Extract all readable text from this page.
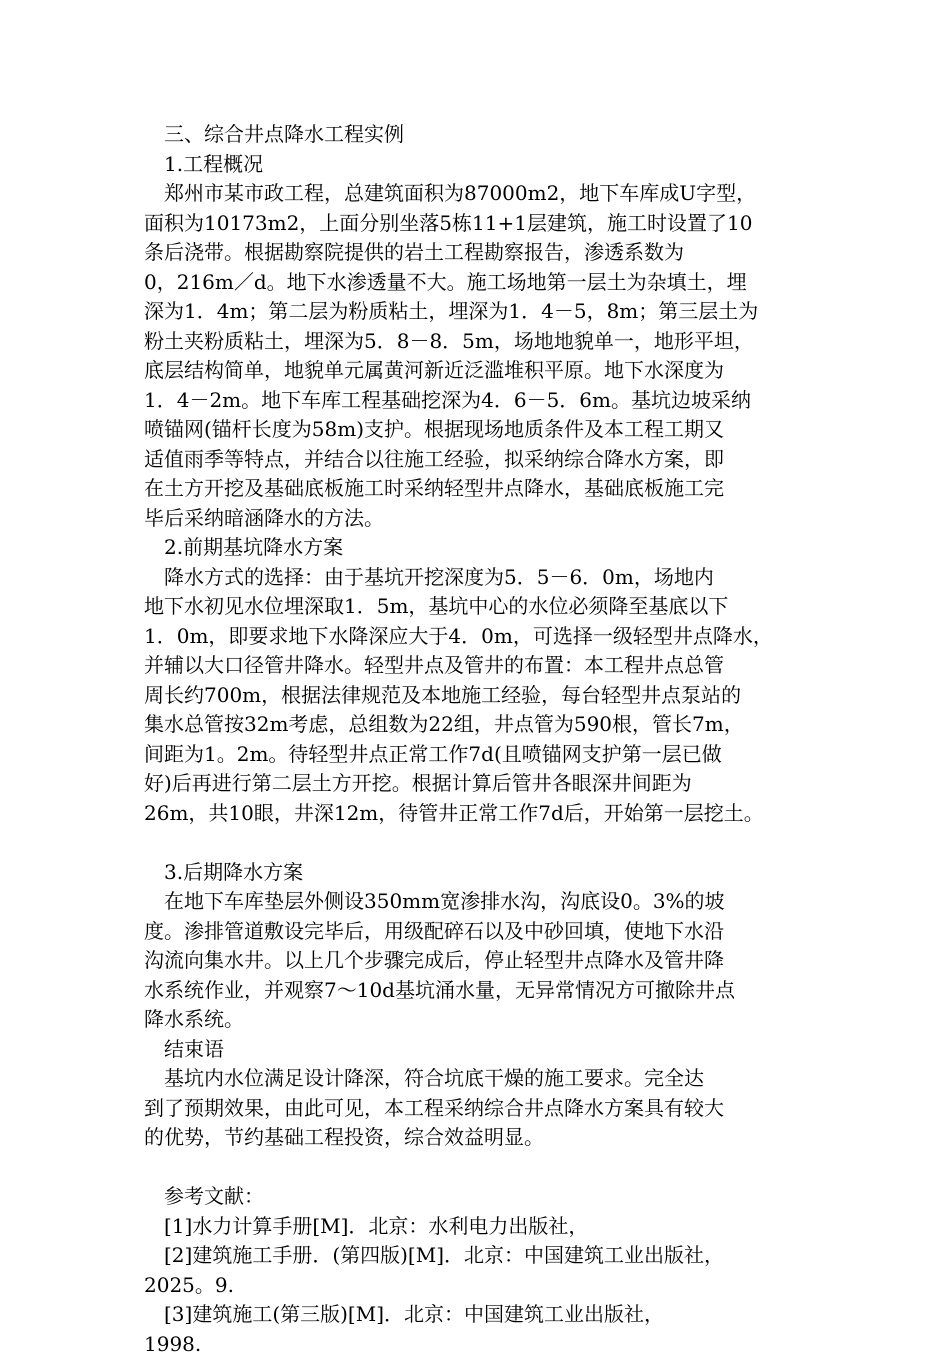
　三、综合井点降水工程实例
　1.工程概况
　郑州市某市政工程，总建筑面积为87000m2，地下车库成U字型，
面积为10173m2，上面分别坐落5栋11+1层建筑，施工时设置了10
条后浇带。根据勘察院提供的岩土工程勘察报告，渗透系数为
0，216m／d。地下水渗透量不大。施工场地第一层土为杂填土，埋
深为1．4m；第二层为粉质粘土，埋深为1．4－5，8m；第三层土为
粉土夹粉质粘土，埋深为5．8－8．5m，场地地貌单一，地形平坦，
底层结构简单，地貌单元属黄河新近泛滥堆积平原。地下水深度为
1．4－2m。地下车库工程基础挖深为4．6－5．6m。基坑边坡采纳
喷锚网(锚杆长度为58m)支护。根据现场地质条件及本工程工期又
适值雨季等特点，并结合以往施工经验，拟采纳综合降水方案，即
在土方开挖及基础底板施工时采纳轻型井点降水，基础底板施工完
毕后采纳暗涵降水的方法。
　2.前期基坑降水方案
　降水方式的选择：由于基坑开挖深度为5．5－6．0m，场地内
地下水初见水位埋深取1．5m，基坑中心的水位必须降至基底以下
1．0m，即要求地下水降深应大于4．0m，可选择一级轻型井点降水，
并辅以大口径管井降水。轻型井点及管井的布置：本工程井点总管
周长约700m，根据法律规范及本地施工经验，每台轻型井点泵站的
集水总管按32m考虑，总组数为22组，井点管为590根，管长7m，
间距为1。2m。待轻型井点正常工作7d(且喷锚网支护第一层已做
好)后再进行第二层土方开挖。根据计算后管井各眼深井间距为
26m，共10眼，井深12m，待管井正常工作7d后，开始第一层挖土。
　3.后期降水方案
　在地下车库垫层外侧设350mm宽渗排水沟，沟底设0。3%的坡
度。渗排管道敷设完毕后，用级配碎石以及中砂回填，使地下水沿
沟流向集水井。以上几个步骤完成后，停止轻型井点降水及管井降
水系统作业，并观察7～10d基坑涌水量，无异常情况方可撤除井点
降水系统。
　结束语
　基坑内水位满足设计降深，符合坑底干燥的施工要求。完全达
到了预期效果，由此可见，本工程采纳综合井点降水方案具有较大
的优势，节约基础工程投资，综合效益明显。
　参考文献：
　[1]水力计算手册[M]．北京：水利电力出版社，
　[2]建筑施工手册．(第四版)[M]．北京：中国建筑工业出版社，
2025。9.
　[3]建筑施工(第三版)[M]．北京：中国建筑工业出版社，
1998.
